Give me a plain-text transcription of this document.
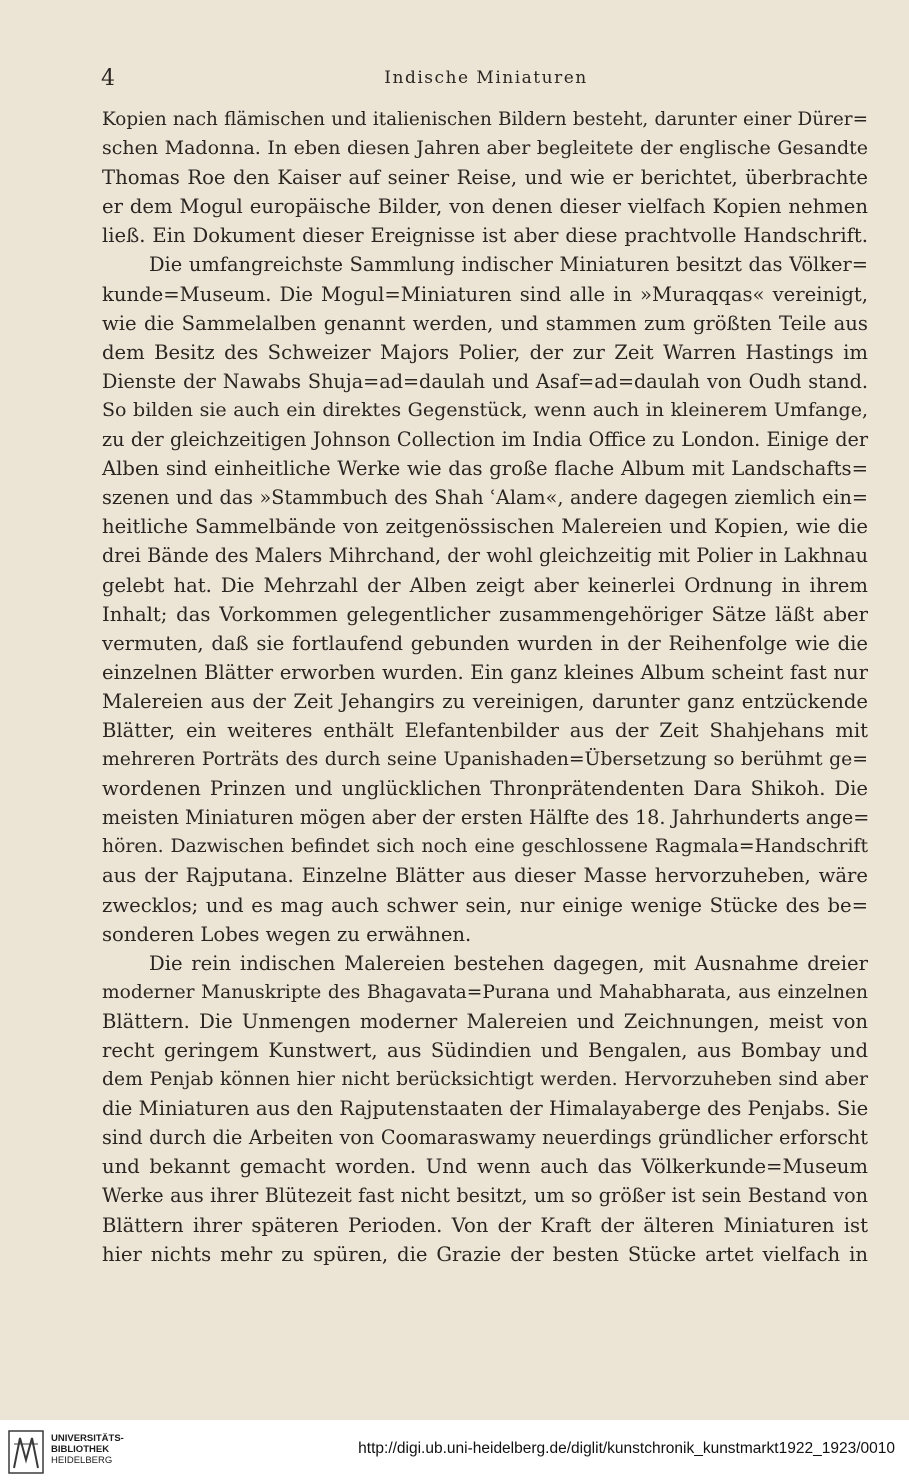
4	Indische Miniaturen
Kopien nach flämischen und italienischen Bildern besteht, darunter einer Dürer=
schen Madonna. In eben diesen Jahren aber begleitete der englische Gesandte
Thomas Roe den Kaiser auf seiner Reise, und wie er berichtet, überbrachte
er dem Mogul europäische Bilder, von denen dieser vielfach Kopien nehmen
ließ. Ein Dokument dieser Ereignisse ist aber diese prachtvolle Handschrift.
Die umfangreichste Sammlung indischer Miniaturen besitzt das Völker=
kunde=Museum. Die Mogul=Miniaturen sind alle in »Muraqqas« vereinigt,
wie die Sammelalben genannt werden, und stammen zum größten Teile aus
dem Besitz des Schweizer Majors Polier, der zur Zeit Warren Hastings im
Dienste der Nawabs Shuja=ad=daulah und Asaf=ad=daulah von Oudh stand.
So bilden sie auch ein direktes Gegenstück, wenn auch in kleinerem Umfange,
zu der gleichzeitigen Johnson Collection im India Office zu London. Einige der
Alben sind einheitliche Werke wie das große flache Album mit Landschafts=
szenen und das »Stammbuch des Shah ʿAlam«, andere dagegen ziemlich ein=
heitliche Sammelbände von zeitgenössischen Malereien und Kopien, wie die
drei Bände des Malers Mihrchand, der wohl gleichzeitig mit Polier in Lakhnau
gelebt hat. Die Mehrzahl der Alben zeigt aber keinerlei Ordnung in ihrem
Inhalt; das Vorkommen gelegentlicher zusammengehöriger Sätze läßt aber
vermuten, daß sie fortlaufend gebunden wurden in der Reihenfolge wie die
einzelnen Blätter erworben wurden. Ein ganz kleines Album scheint fast nur
Malereien aus der Zeit Jehangirs zu vereinigen, darunter ganz entzückende
Blätter, ein weiteres enthält Elefantenbilder aus der Zeit Shahjehans mit
mehreren Porträts des durch seine Upanishaden=Übersetzung so berühmt ge=
wordenen Prinzen und unglücklichen Thronprätendenten Dara Shikoh. Die
meisten Miniaturen mögen aber der ersten Hälfte des 18. Jahrhunderts ange=
hören. Dazwischen befindet sich noch eine geschlossene Ragmala=Handschrift
aus der Rajputana. Einzelne Blätter aus dieser Masse hervorzuheben, wäre
zwecklos; und es mag auch schwer sein, nur einige wenige Stücke des be=
sonderen Lobes wegen zu erwähnen.
Die rein indischen Malereien bestehen dagegen, mit Ausnahme dreier
moderner Manuskripte des Bhagavata=Purana und Mahabharata, aus einzelnen
Blättern. Die Unmengen moderner Malereien und Zeichnungen, meist von
recht geringem Kunstwert, aus Südindien und Bengalen, aus Bombay und
dem Penjab können hier nicht berücksichtigt werden. Hervorzuheben sind aber
die Miniaturen aus den Rajputenstaaten der Himalayaberge des Penjabs. Sie
sind durch die Arbeiten von Coomaraswamy neuerdings gründlicher erforscht
und bekannt gemacht worden. Und wenn auch das Völkerkunde=Museum
Werke aus ihrer Blütezeit fast nicht besitzt, um so größer ist sein Bestand von
Blättern ihrer späteren Perioden. Von der Kraft der älteren Miniaturen ist
hier nichts mehr zu spüren, die Grazie der besten Stücke artet vielfach in
UNIVERSITÄTS-
BIBLIOTHEK
HEIDELBERG
http://digi.ub.uni-heidelberg.de/diglit/kunstchronik_kunstmarkt1922_1923/0010
